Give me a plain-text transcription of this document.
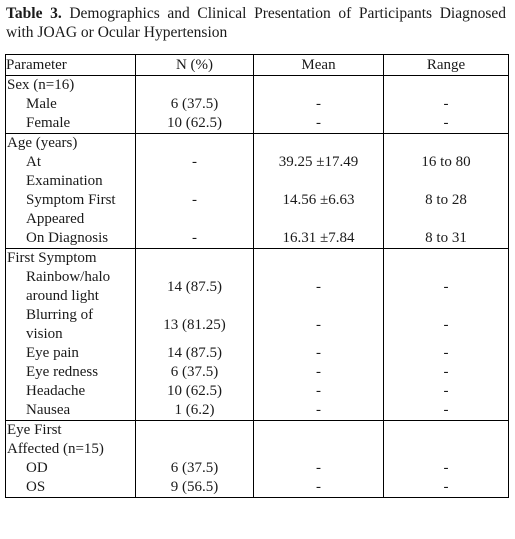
Table 3. Demographics and Clinical Presentation of Participants Diagnosed with JOAG or Ocular Hypertension
Parameter	N (%)	Mean	Range
Sex (n=16)			
Male	6 (37.5)	-	-
Female	10 (62.5)	-	-
Age (years)			
At
Examination	-	39.25 ±17.49	16 to 80
Symptom First
Appeared	-	14.56 ±6.63	8 to 28
On Diagnosis	-	16.31 ±7.84	8 to 31
First Symptom			
Rainbow/halo
around light	14 (87.5)	-	-
Blurring of
vision	13 (81.25)	-	-
Eye pain	14 (87.5)	-	-
Eye redness	6 (37.5)	-	-
Headache	10 (62.5)	-	-
Nausea	1 (6.2)	-	-
Eye First
Affected (n=15)			
OD	6 (37.5)	-	-
OS	9 (56.5)	-	-
